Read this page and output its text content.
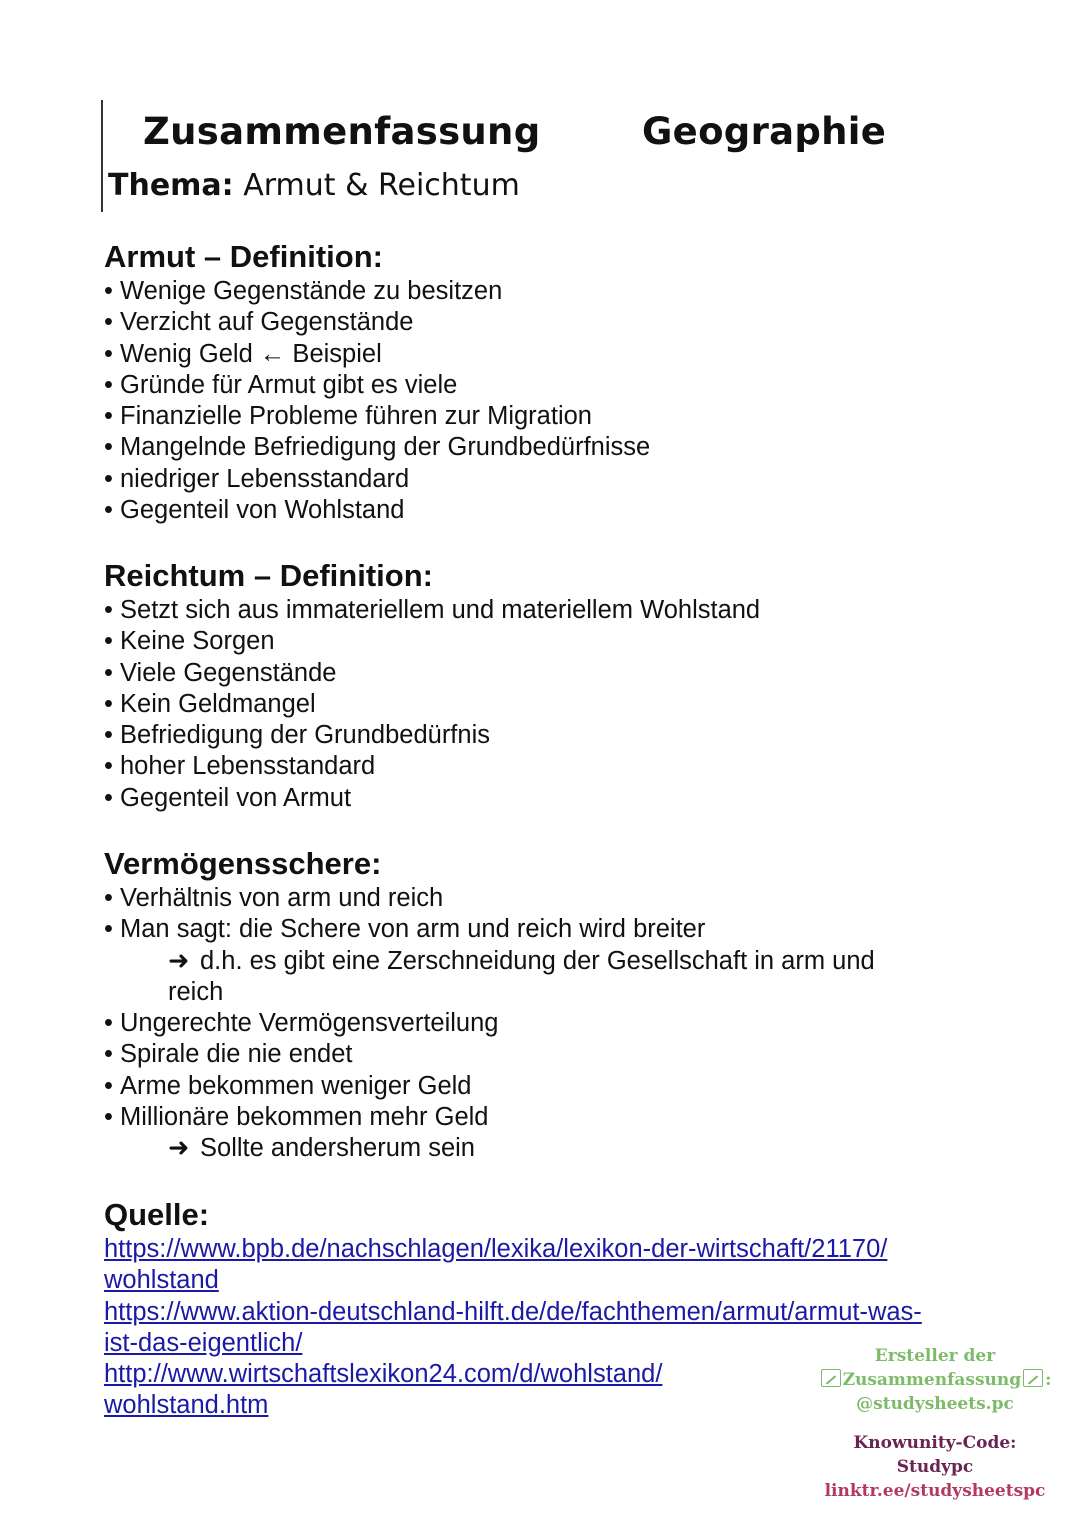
Zusammenfassung	Geographie
Thema: Armut & Reichtum
Armut – Definition:
• Wenige Gegenstände zu besitzen
• Verzicht auf Gegenstände
• Wenig Geld ← Beispiel
• Gründe für Armut gibt es viele
• Finanzielle Probleme führen zur Migration
• Mangelnde Befriedigung der Grundbedürfnisse
• niedriger Lebensstandard
• Gegenteil von Wohlstand
Reichtum – Definition:
• Setzt sich aus immateriellem und materiellem Wohlstand
• Keine Sorgen
• Viele Gegenstände
• Kein Geldmangel
• Befriedigung der Grundbedürfnis
• hoher Lebensstandard
• Gegenteil von Armut
Vermögensschere:
• Verhältnis von arm und reich
• Man sagt: die Schere von arm und reich wird breiter
➜ d.h. es gibt eine Zerschneidung der Gesellschaft in arm und
reich
• Ungerechte Vermögensverteilung
• Spirale die nie endet
• Arme bekommen weniger Geld
• Millionäre bekommen mehr Geld
➜ Sollte andersherum sein
Quelle:
https://www.bpb.de/nachschlagen/lexika/lexikon-der-wirtschaft/21170/
wohlstand
https://www.aktion-deutschland-hilft.de/de/fachthemen/armut/armut-was-
ist-das-eigentlich/
http://www.wirtschaftslexikon24.com/d/wohlstand/
wohlstand.htm
Ersteller der
Zusammenfassung :
@studysheets.pc
Knowunity-Code:
Studypc
linktr.ee/studysheetspc
